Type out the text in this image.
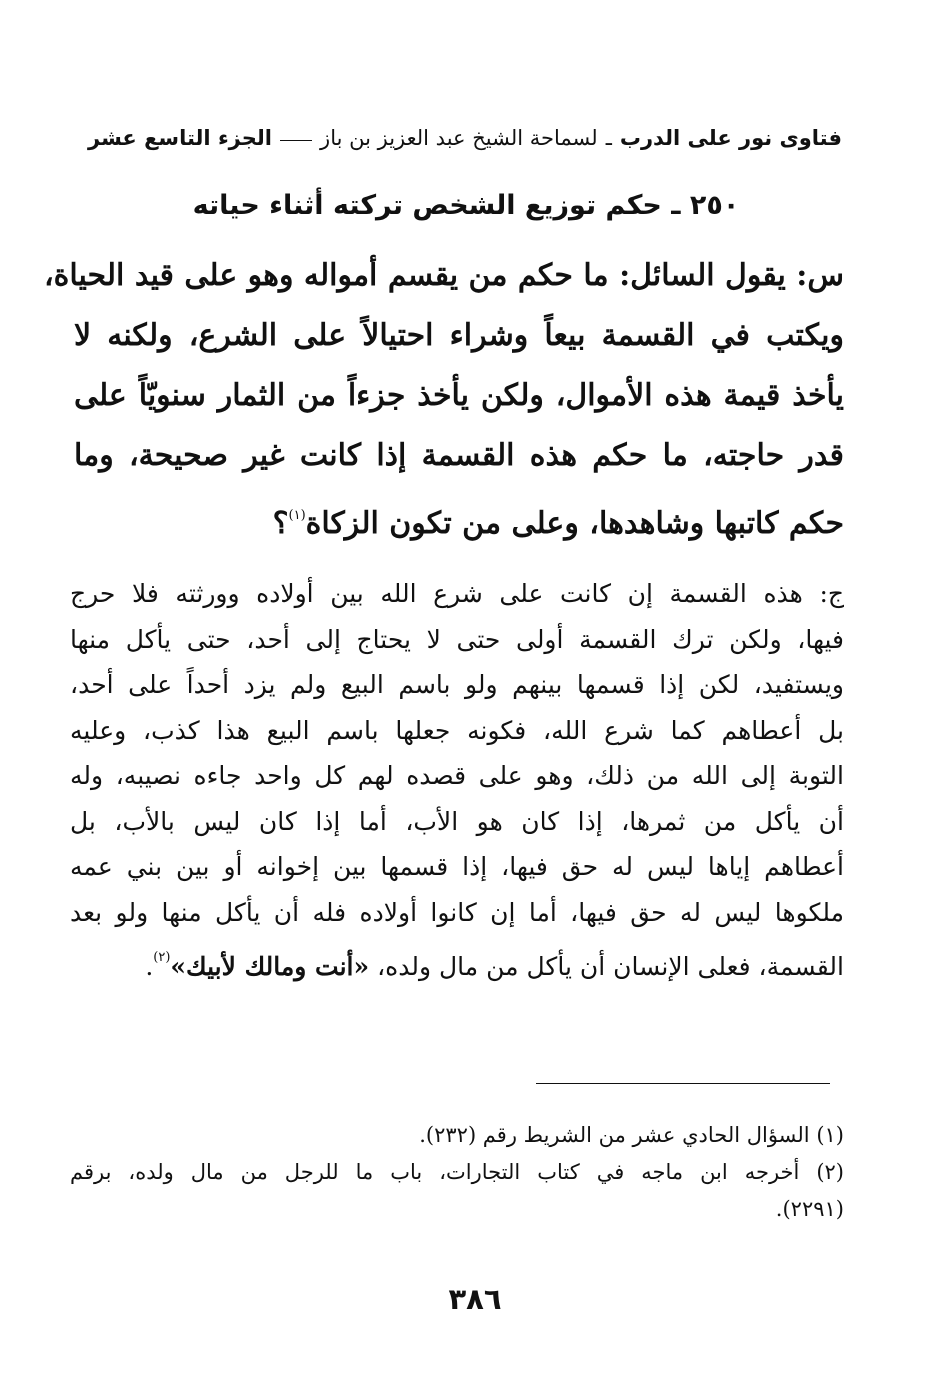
فتاوى نور على الدرب
ـ
لسماحة الشيخ عبد العزيز بن باز
الجزء التاسع عشر
٢٥٠ ـ حكم توزيع الشخص تركته أثناء حياته
س: يقول السائل: ما حكم من يقسم أمواله وهو على قيد الحياة،
ويكتب في القسمة بيعاً وشراء احتيالاً على الشرع، ولكنه لا
يأخذ قيمة هذه الأموال، ولكن يأخذ جزءاً من الثمار سنويّاً على
قدر حاجته، ما حكم هذه القسمة إذا كانت غير صحيحة، وما
حكم كاتبها وشاهدها، وعلى من تكون الزكاة$^{(١)}$؟
ج: هذه القسمة إن كانت على شرع الله بين أولاده وورثته فلا حرج
فيها، ولكن ترك القسمة أولى حتى لا يحتاج إلى أحد، حتى يأكل منها
ويستفيد، لكن إذا قسمها بينهم ولو باسم البيع ولم يزد أحداً على أحد،
بل أعطاهم كما شرع الله، فكونه جعلها باسم البيع هذا كذب، وعليه
التوبة إلى الله من ذلك، وهو على قصده لهم كل واحد جاءه نصيبه، وله
أن يأكل من ثمرها، إذا كان هو الأب، أما إذا كان ليس بالأب، بل
أعطاهم إياها ليس له حق فيها، إذا قسمها بين إخوانه أو بين بني عمه
ملكوها ليس له حق فيها، أما إن كانوا أولاده فله أن يأكل منها ولو بعد
القسمة، فعلى الإنسان أن يأكل من مال ولده، «أنت ومالك لأبيك»$^{(٢)}$.
(١) السؤال الحادي عشر من الشريط رقم (٢٣٢).
(٢) أخرجه ابن ماجه في كتاب التجارات، باب ما للرجل من مال ولده، برقم
(٢٢٩١).
٣٨٦
